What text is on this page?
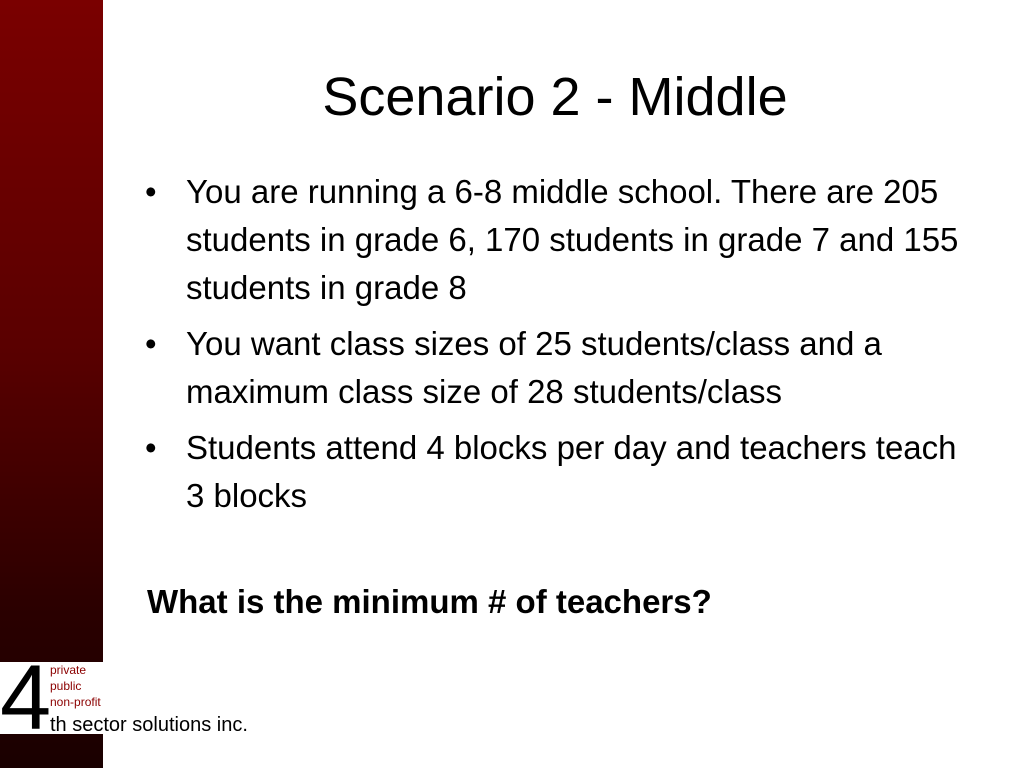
Scenario 2 - Middle
• You are running a 6-8 middle school. There are 205 students in grade 6, 170 students in grade 7 and 155 students in grade 8
• You want class sizes of 25 students/class and a maximum class size of 28 students/class
• Students attend 4 blocks per day and teachers teach 3 blocks
What is the minimum # of teachers?
4
private
public
non-profit
th sector solutions inc.
